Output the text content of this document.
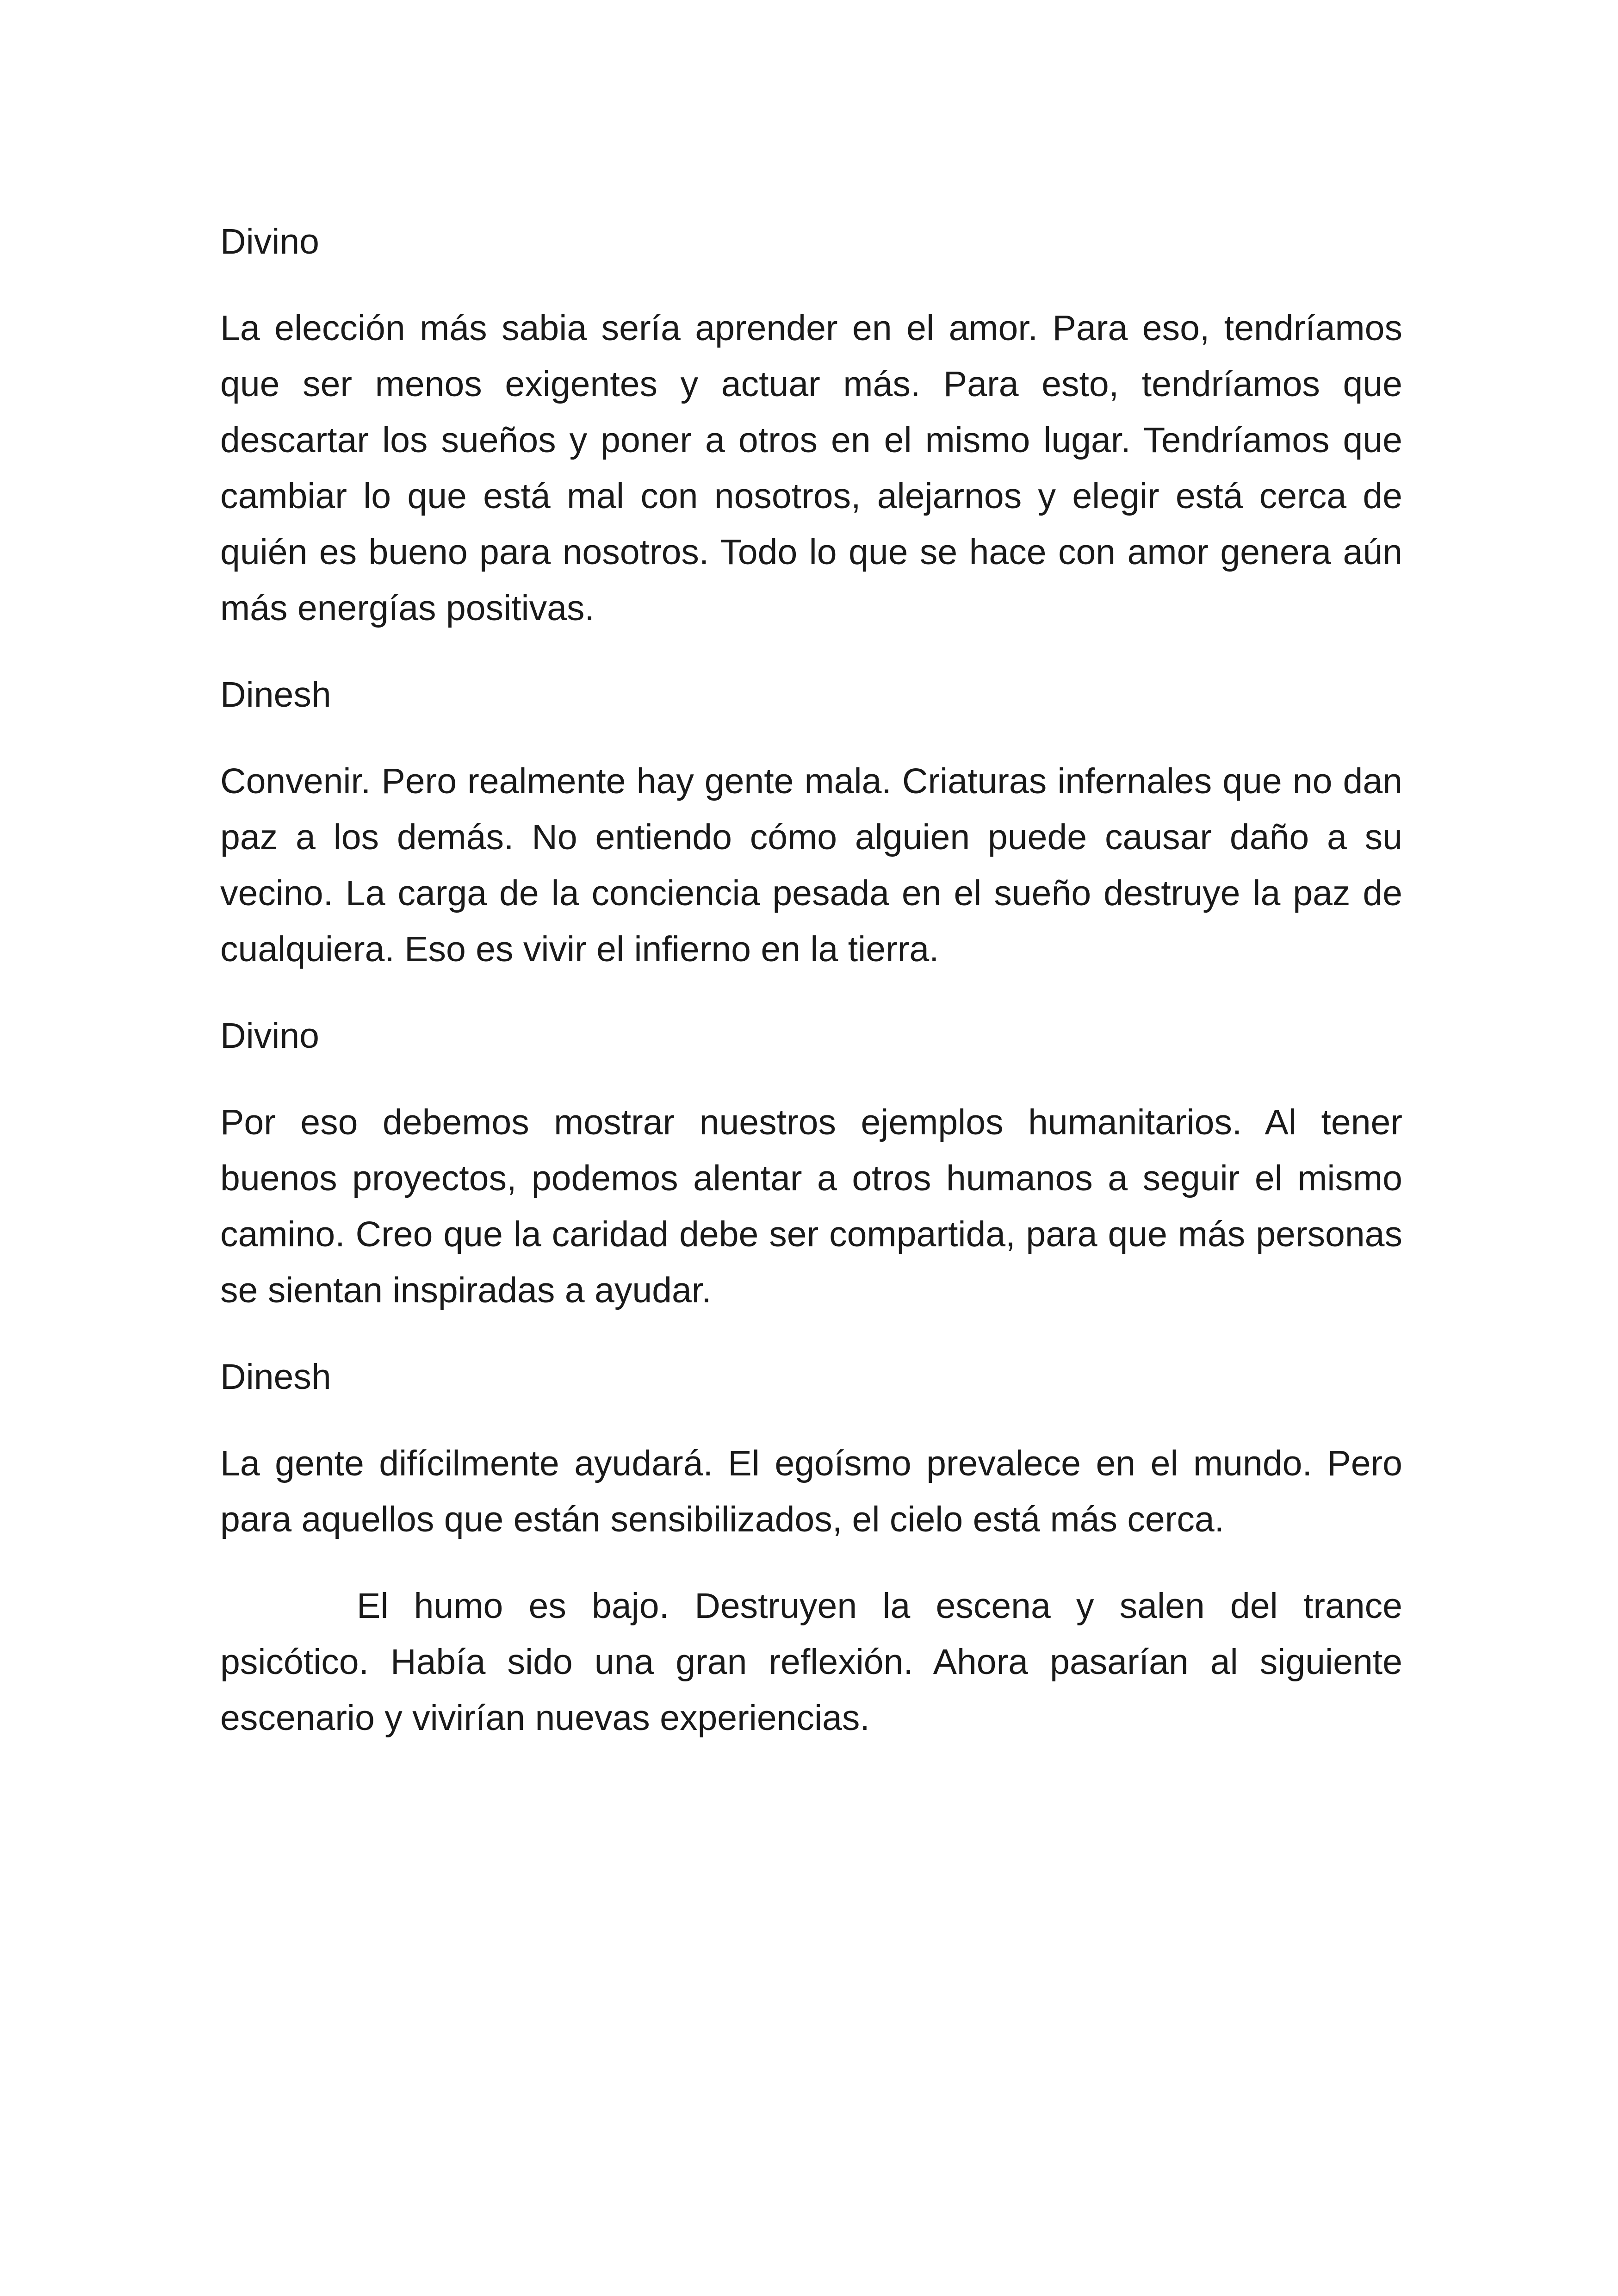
Divino

La elección más sabia sería aprender en el amor. Para eso, tendríamos que ser menos exigentes y actuar más. Para esto, tendríamos que descartar los sueños y poner a otros en el mismo lugar. Tendríamos que cambiar lo que está mal con nosotros, alejarnos y elegir está cerca de quién es bueno para nosotros. Todo lo que se hace con amor genera aún más energías positivas.

Dinesh

Convenir. Pero realmente hay gente mala. Criaturas infernales que no dan paz a los demás. No entiendo cómo alguien puede causar daño a su vecino. La carga de la conciencia pesada en el sueño destruye la paz de cualquiera. Eso es vivir el infierno en la tierra.

Divino

Por eso debemos mostrar nuestros ejemplos humanitarios. Al tener buenos proyectos, podemos alentar a otros humanos a seguir el mismo camino. Creo que la caridad debe ser compartida, para que más personas se sientan inspiradas a ayudar.

Dinesh

La gente difícilmente ayudará. El egoísmo prevalece en el mundo. Pero para aquellos que están sensibilizados, el cielo está más cerca.

El humo es bajo. Destruyen la escena y salen del trance psicótico. Había sido una gran reflexión. Ahora pasarían al siguiente escenario y vivirían nuevas experiencias.
